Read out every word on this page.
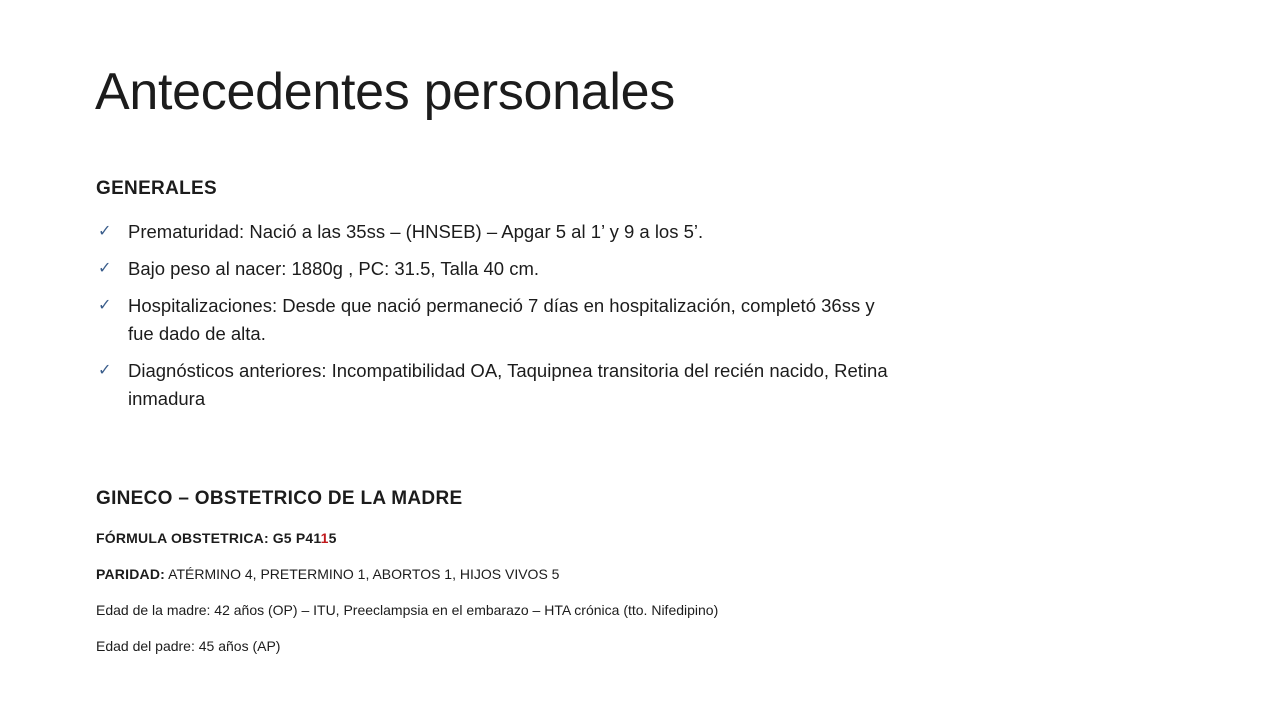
Antecedentes personales
GENERALES
✓ Prematuridad: Nació a las 35ss – (HNSEB) – Apgar 5 al 1’ y 9 a los 5’.
✓ Bajo peso al nacer: 1880g , PC: 31.5, Talla 40 cm.
✓ Hospitalizaciones: Desde que nació permaneció 7 días en hospitalización, completó 36ss y fue dado de alta.
✓ Diagnósticos anteriores: Incompatibilidad OA, Taquipnea transitoria del recién nacido, Retina inmadura
GINECO – OBSTETRICO DE LA MADRE
FÓRMULA OBSTETRICA: G5 P4115
PARIDAD: ATÉRMINO 4, PRETERMINO 1, ABORTOS 1, HIJOS VIVOS 5
Edad de la madre: 42 años (OP) – ITU, Preeclampsia en el embarazo – HTA crónica (tto. Nifedipino)
Edad del padre: 45 años (AP)
